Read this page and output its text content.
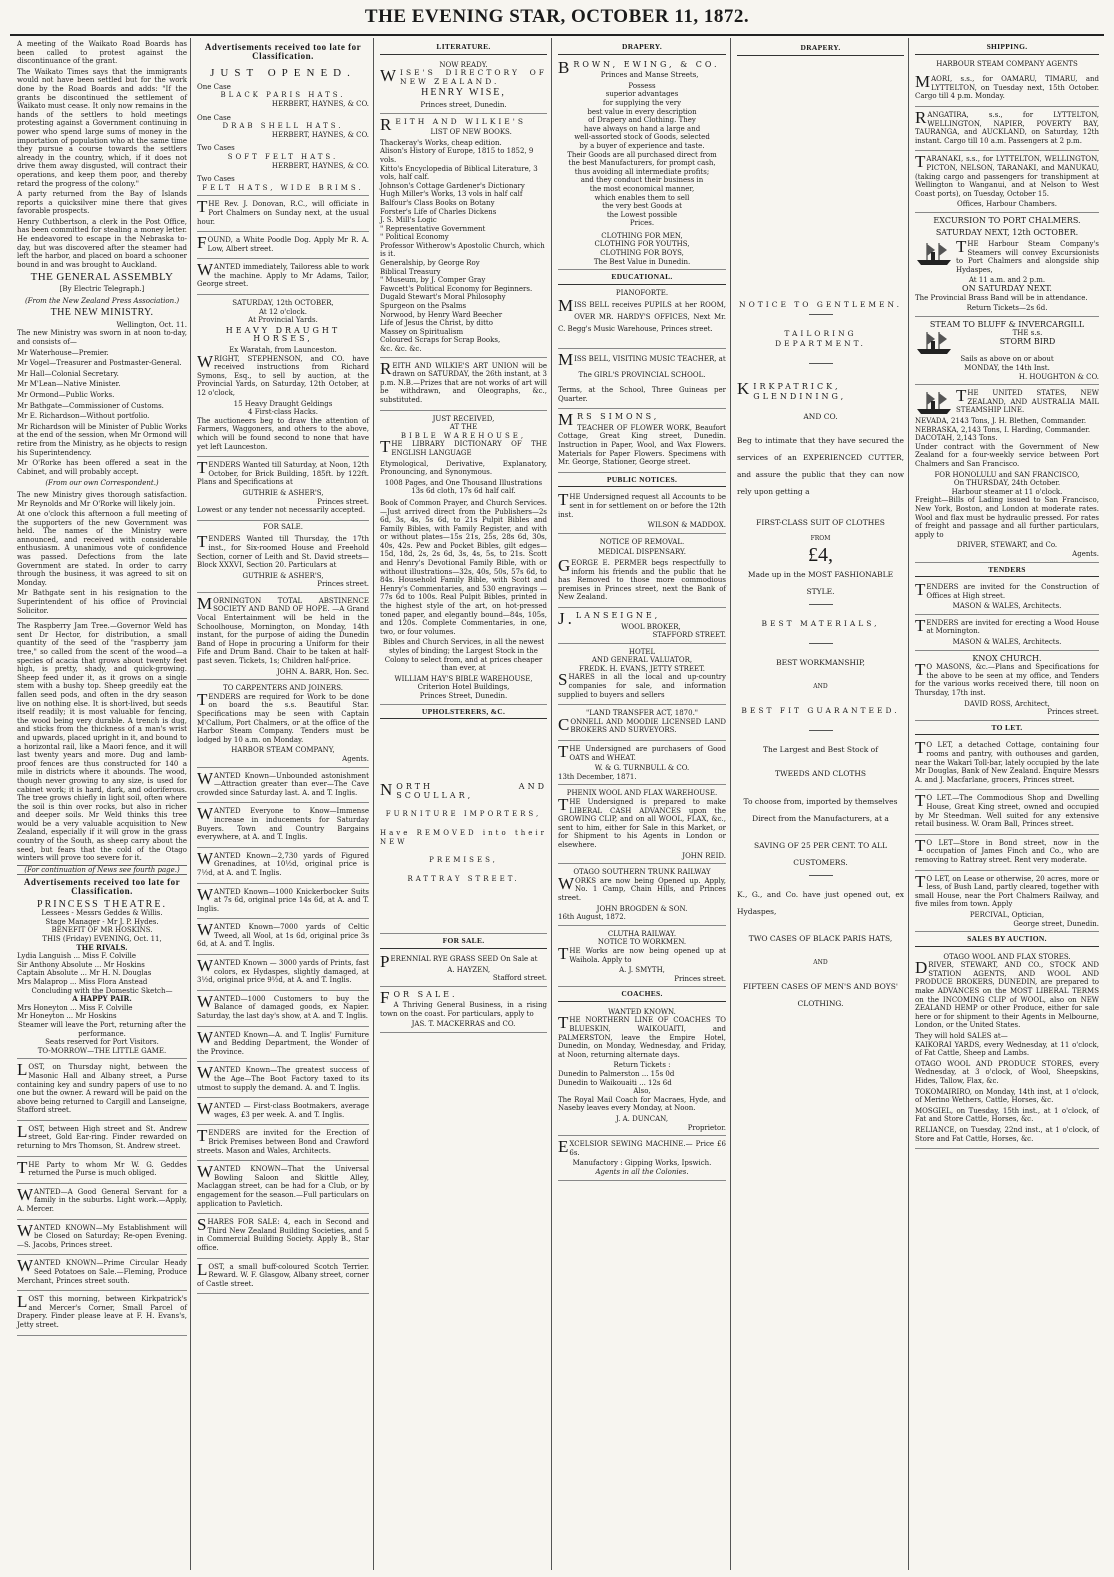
THE EVENING STAR, OCTOBER 11, 1872.

A meeting of the Waikato Road Boards has been called to protest against the discontinuance of the grant.

The Waikato Times says that the immigrants would not have been settled but for the work done by the Road Boards and adds: "If the grants be discontinued the settlement of Waikato must cease. It only now remains in the hands of the settlers to hold meetings protesting against a Government continuing in power who spend large sums of money in the importation of population who at the same time they pursue a course towards the settlers already in the country, which, if it does not drive them away disgusted, will contract their operations, and keep them poor, and thereby retard the progress of the colony."

A party returned from the Bay of Islands reports a quicksilver mine there that gives favorable prospects.

Henry Cuthbertson, a clerk in the Post Office, has been committed for stealing a money letter. He endeavored to escape in the Nebraska to-day, but was discovered after the steamer had left the harbor, and placed on board a schooner bound in and was brought to Auckland.

THE GENERAL ASSEMBLY
[By Electric Telegraph.]
(From the New Zealand Press Association.)
THE NEW MINISTRY.
Wellington, Oct. 11.

The new Ministry was sworn in at noon to-day, and consists of—

Mr Waterhouse—Premier.

Mr Vogel—Treasurer and Postmaster-General.

Mr Hall—Colonial Secretary.

Mr M'Lean—Native Minister.

Mr Ormond—Public Works.

Mr Bathgate—Commissioner of Customs.

Mr E. Richardson—Without portfolio.

Mr Richardson will be Minister of Public Works at the end of the session, when Mr Ormond will retire from the Ministry, as he objects to resign his Superintendency.

Mr O'Rorke has been offered a seat in the Cabinet, and will probably accept.

(From our own Correspondent.)

The new Ministry gives thorough satisfaction. Mr Reynolds and Mr O'Rorke will likely join.

At one o'clock this afternoon a full meeting of the supporters of the new Government was held. The names of the Ministry were announced, and received with considerable enthusiasm. A unanimous vote of confidence was passed. Defections from the late Government are stated. In order to carry through the business, it was agreed to sit on Monday.

Mr Bathgate sent in his resignation to the Superintendent of his office of Provincial Solicitor.

The Raspberry Jam Tree.—Governor Weld has sent Dr Hector, for distribution, a small quantity of the seed of the "raspberry jam tree," so called from the scent of the wood—a species of acacia that grows about twenty feet high, is pretty, shady, and quick-growing. Sheep feed under it, as it grows on a single stem with a bushy top. Sheep greedily eat the fallen seed pods, and often in the dry season live on nothing else. It is short-lived, but seeds itself readily; it is most valuable for fencing, the wood being very durable. A trench is dug, and sticks from the thickness of a man's wrist and upwards, placed upright in it, and bound to a horizontal rail, like a Maori fence, and it will last twenty years and more. Dug and lamb-proof fences are thus constructed for 140 a mile in districts where it abounds. The wood, though never growing to any size, is used for cabinet work; it is hard, dark, and odoriferous. The tree grows chiefly in light soil, often where the soil is thin over rocks, but also in richer and deeper soils. Mr Weld thinks this tree would be a very valuable acquisition to New Zealand, especially if it will grow in the grass country of the South, as sheep carry about the seed, but fears that the cold of the Otago winters will prove too severe for it.

(For continuation of News see fourth page.)
Advertisements received too late for Classification.
PRINCESS THEATRE.
Lessees - Messrs Geddes & Willis.
Stage Manager - Mr J. P. Hydes.
BENEFIT OF MR HOSKINS.
THIS (Friday) EVENING, Oct. 11,
THE RIVALS.
Lydia Languish ... Miss F. Colville
Sir Anthony Absolute ... Mr Hoskins
Captain Absolute ... Mr H. N. Douglas
Mrs Malaprop ... Miss Flora Anstead
Concluding with the Domestic Sketch—
A HAPPY PAIR.
Mrs Honeyton ... Miss F. Colville
Mr Honeyton ... Mr Hoskins
Steamer will leave the Port, returning after the performance.
Seats reserved for Port Visitors.
TO-MORROW—THE LITTLE GAME.

LOST, on Thursday night, between the Masonic Hall and Albany street, a Purse containing key and sundry papers of use to no one but the owner. A reward will be paid on the above being returned to Cargill and Lanseigne, Stafford street.

LOST, between High street and St. Andrew street, Gold Ear-ring. Finder rewarded on returning to Mrs Thomson, St. Andrew street.

THE Party to whom Mr W. G. Geddes returned the Purse is much obliged.

WANTED—A Good General Servant for a family in the suburbs. Light work.—Apply, A. Mercer.

WANTED KNOWN—My Establishment will be Closed on Saturday; Re-open Evening.—S. Jacobs, Princes street.

WANTED KNOWN—Prime Circular Heady Seed Potatoes on Sale.—Fleming, Produce Merchant, Princes street south.

LOST this morning, between Kirkpatrick's and Mercer's Corner, Small Parcel of Drapery. Finder please leave at F. H. Evans's, Jetty street.

Advertisements received too late for Classification.
JUST OPENED.
One Case
BLACK PARIS HATS.
HERBERT, HAYNES, & CO.
One Case
DRAB SHELL HATS.
HERBERT, HAYNES, & CO.
Two Cases
SOFT FELT HATS.
HERBERT, HAYNES, & CO.
Two Cases
FELT HATS, WIDE BRIMS.

THE Rev. J. Donovan, R.C., will officiate in Port Chalmers on Sunday next, at the usual hour.

FOUND, a White Poodle Dog. Apply Mr R. A. Low, Albert street.

WANTED immediately, Tailoress able to work the machine. Apply to Mr Adams, Tailor, George street.

SATURDAY, 12th OCTOBER,
At 12 o'clock.
At Provincial Yards.
HEAVY DRAUGHT HORSES,
Ex Waratah, from Launceston.

WRIGHT, STEPHENSON, and CO. have received instructions from Richard Symons, Esq., to sell by auction, at the Provincial Yards, on Saturday, 12th October, at 12 o'clock,

15 Heavy Draught Geldings
4 First-class Hacks.

The auctioneers beg to draw the attention of Farmers, Waggoners, and others to the above, which will be found second to none that have yet left Launceston.

TENDERS Wanted till Saturday, at Noon, 12th October, for Brick Building, 185ft. by 122ft. Plans and Specifications at

GUTHRIE & ASHER'S,
Princes street.

Lowest or any tender not necessarily accepted.

FOR SALE.

TENDERS Wanted till Thursday, the 17th inst., for Six-roomed House and Freehold Section, corner of Leith and St. David streets—Block XXXVI, Section 20. Particulars at

GUTHRIE & ASHER'S,
Princes street.

MORNINGTON TOTAL ABSTINENCE SOCIETY AND BAND OF HOPE. —A Grand Vocal Entertainment will be held in the Schoolhouse, Mornington, on Monday, 14th instant, for the purpose of aiding the Dunedin Band of Hope in procuring a Uniform for their Fife and Drum Band. Chair to be taken at half-past seven. Tickets, 1s; Children half-price.

JOHN A. BARR, Hon. Sec.
TO CARPENTERS AND JOINERS.

TENDERS are required for Work to be done on board the s.s. Beautiful Star. Specifications may be seen with Captain M'Callum, Port Chalmers, or at the office of the Harbor Steam Company. Tenders must be lodged by 10 a.m. on Monday.

HARBOR STEAM COMPANY,
Agents.

WANTED Known—Unbounded astonishment—Attraction greater than ever—The Cave crowded since Saturday last. A. and T. Inglis.

WANTED Everyone to Know—Immense increase in inducements for Saturday Buyers. Town and Country Bargains everywhere, at A. and T. Inglis.

WANTED Known—2,730 yards of Figured Grenadines, at 10½d, original price is 7½d, at A. and T. Inglis.

WANTED Known—1000 Knickerbocker Suits at 7s 6d, original price 14s 6d, at A. and T. Inglis.

WANTED Known—7000 yards of Celtic Tweed, all Wool, at 1s 6d, original price 3s 6d, at A. and T. Inglis.

WANTED Known — 3000 yards of Prints, fast colors, ex Hydaspes, slightly damaged, at 3½d, original price 9½d, at A. and T. Inglis.

WANTED—1000 Customers to buy the Balance of damaged goods, ex Napier. Saturday, the last day's show, at A. and T. Inglis.

WANTED Known—A. and T. Inglis' Furniture and Bedding Department, the Wonder of the Province.

WANTED Known—The greatest success of the Age—The Boot Factory taxed to its utmost to supply the demand. A. and T. Inglis.

WANTED — First-class Bootmakers, average wages, £3 per week. A. and T. Inglis.

TENDERS are invited for the Erection of Brick Premises between Bond and Crawford streets. Mason and Wales, Architects.

WANTED KNOWN—That the Universal Bowling Saloon and Skittle Alley, Maclaggan street, can be had for a Club, or by engagement for the season.—Full particulars on application to Pavletich.

SHARES FOR SALE: 4, each in Second and Third New Zealand Building Societies, and 5 in Commercial Building Society. Apply B., Star office.

LOST, a small buff-coloured Scotch Terrier. Reward. W. F. Glasgow, Albany street, corner of Castle street.

LITERATURE.
NOW READY.

WISE'S DIRECTORY OF NEW ZEALAND.

HENRY WISE,
Princes street, Dunedin.

REITH AND WILKIE'S

LIST OF NEW BOOKS.
Thackeray's Works, cheap edition.
Alison's History of Europe, 1815 to 1852, 9 vols.
Kitto's Encyclopedia of Biblical Literature, 3 vols, half calf.
Johnson's Cottage Gardener's Dictionary
Hugh Miller's Works, 13 vols in half calf
Balfour's Class Books on Botany
Forster's Life of Charles Dickens
J. S. Mill's Logic
" Representative Government
" Political Economy
Professor Witherow's Apostolic Church, which is it.
Generalship, by George Roy
Biblical Treasury
" Museum, by J. Comper Gray
Fawcett's Political Economy for Beginners.
Dugald Stewart's Moral Philosophy
Spurgeon on the Psalms
Norwood, by Henry Ward Beecher
Life of Jesus the Christ, by ditto
Massey on Spiritualism
Coloured Scraps for Scrap Books,
&c. &c. &c.

REITH AND WILKIE'S ART UNION will be drawn on SATURDAY, the 26th instant, at 3 p.m. N.B.—Prizes that are not works of art will be withdrawn, and Oleographs, &c., substituted.

JUST RECEIVED,
AT THE
BIBLE WAREHOUSE,

THE LIBRARY DICTIONARY OF THE ENGLISH LANGUAGE

Etymological, Derivative, Explanatory, Pronouncing, and Synonymous.

1008 Pages, and One Thousand Illustrations 13s 6d cloth, 17s 6d half calf.

Book of Common Prayer, and Church Services.—Just arrived direct from the Publishers—2s 6d, 3s, 4s, 5s 6d, to 21s Pulpit Bibles and Family Bibles, with Family Register, and with or without plates—15s 21s, 25s, 28s 6d, 30s, 40s, 42s. Pew and Pocket Bibles, gilt edges—15d, 18d, 2s, 2s 6d, 3s, 4s, 5s, to 21s. Scott and Henry's Devotional Family Bible, with or without illustrations—32s, 40s, 50s, 57s 6d, to 84s. Household Family Bible, with Scott and Henry's Commentaries, and 530 engravings —77s 6d to 100s. Real Pulpit Bibles, printed in the highest style of the art, on hot-pressed toned paper, and elegantly bound—84s, 105s, and 120s. Complete Commentaries, in one, two, or four volumes.

Bibles and Church Services, in all the newest styles of binding; the Largest Stock in the Colony to select from, and at prices cheaper than ever, at

WILLIAM HAY'S BIBLE WAREHOUSE,
Criterion Hotel Buildings,
Princes Street, Dunedin.
UPHOLSTERERS, &C.

NORTH AND SCOULLAR,

FURNITURE IMPORTERS,

Have REMOVED into their NEW

PREMISES,

RATTRAY STREET.

FOR SALE.

PERENNIAL RYE GRASS SEED On Sale at

A. HAYZEN,
Stafford street.

FOR SALE.

A Thriving General Business, in a rising town on the coast. For particulars, apply to

JAS. T. MACKERRAS and CO.
DRAPERY.

BROWN, EWING, & CO.

Princes and Manse Streets,
Possess
superior advantages
for supplying the very
best value in every description
of Drapery and Clothing. They
have always on hand a large and
well-assorted stock of Goods, selected
by a buyer of experience and taste.
Their Goods are all purchased direct from
the best Manufacturers, for prompt cash,
thus avoiding all intermediate profits;
and they conduct their business in
the most economical manner,
which enables them to sell
the very best Goods at
the Lowest possible
Prices.
CLOTHING FOR MEN,
CLOTHING FOR YOUTHS,
CLOTHING FOR BOYS,
The Best Value in Dunedin.
EDUCATIONAL.
PIANOFORTE.

MISS BELL receives PUPILS at her ROOM, OVER MR. HARDY'S OFFICES, Next Mr. C. Begg's Music Warehouse, Princes street.

MISS BELL, VISITING MUSIC TEACHER, at

The GIRL'S PROVINCIAL SCHOOL.

Terms, at the School, Three Guineas per Quarter.

MRS SIMONS,

TEACHER OF FLOWER WORK, Beaufort Cottage, Great King street, Dunedin. Instruction in Paper, Wool, and Wax Flowers. Materials for Paper Flowers. Specimens with Mr. George, Stationer, George street.

PUBLIC NOTICES.

THE Undersigned request all Accounts to be sent in for settlement on or before the 12th inst.

WILSON & MADDOX.
NOTICE OF REMOVAL.
MEDICAL DISPENSARY.

GEORGE E. PERMER begs respectfully to inform his friends and the public that he has Removed to those more commodious premises in Princes street, next the Bank of New Zealand.

J.LANSEIGNE,

WOOL BROKER,
STAFFORD STREET.
HOTEL
AND GENERAL VALUATOR,
FREDK. H. EVANS, JETTY STREET.

SHARES in all the local and up-country companies for sale, and information supplied to buyers and sellers

"LAND TRANSFER ACT, 1870."

CONNELL AND MOODIE LICENSED LAND BROKERS AND SURVEYORS.

THE Undersigned are purchasers of Good OATS and WHEAT.

W. & G. TURNBULL & CO.
13th December, 1871.
PHENIX WOOL AND FLAX WAREHOUSE.

THE Undersigned is prepared to make LIBERAL CASH ADVANCES upon the GROWING CLIP, and on all WOOL, FLAX, &c., sent to him, either for Sale in this Market, or for Shipment to his Agents in London or elsewhere.

JOHN REID.
OTAGO SOUTHERN TRUNK RAILWAY

WORKS are now being Opened up. Apply, No. 1 Camp, Chain Hills, and Princes street.

JOHN BROGDEN & SON.
16th August, 1872.
CLUTHA RAILWAY.
NOTICE TO WORKMEN.

THE Works are now being opened up at Waihola. Apply to

A. J. SMYTH,
Princes street.
COACHES.
WANTED KNOWN.

THE NORTHERN LINE OF COACHES TO BLUESKIN, WAIKOUAITI, and PALMERSTON, leave the Empire Hotel, Dunedin, on Monday, Wednesday, and Friday, at Noon, returning alternate days.

Return Tickets :
Dunedin to Palmerston ... 15s 0d
Dunedin to Waikouaiti ... 12s 6d
Also,

The Royal Mail Coach for Macraes, Hyde, and Naseby leaves every Monday, at Noon.

J. A. DUNCAN,
Proprietor.

EXCELSIOR SEWING MACHINE.— Price £6 6s.

Manufactory : Gipping Works, Ipswich.
Agents in all the Colonies.
DRAPERY.
NOTICE TO GENTLEMEN.
TAILORING DEPARTMENT.

KIRKPATRICK, GLENDINING,

AND CO.

Beg to intimate that they have secured the services of an EXPERIENCED CUTTER, and assure the public that they can now rely upon getting a

FIRST-CLASS SUIT OF CLOTHES
FROM
£4,

Made up in the MOST FASHIONABLE STYLE.

BEST MATERIALS,
BEST WORKMANSHIP,
AND
BEST FIT GUARANTEED.
The Largest and Best Stock of
TWEEDS AND CLOTHS

To choose from, imported by themselves Direct from the Manufacturers, at a

SAVING OF 25 PER CENT. TO ALL CUSTOMERS.

K., G., and Co. have just opened out, ex Hydaspes,

TWO CASES OF BLACK PARIS HATS,
AND

FIFTEEN CASES OF MEN'S AND BOYS' CLOTHING.

SHIPPING.
HARBOUR STEAM COMPANY AGENTS

MAORI, s.s., for OAMARU, TIMARU, and LYTTELTON, on Tuesday next, 15th October. Cargo till 4 p.m. Monday.

RANGATIRA, s.s., for LYTTELTON, WELLINGTON, NAPIER, POVERTY BAY, TAURANGA, and AUCKLAND, on Saturday, 12th instant. Cargo till 10 a.m. Passengers at 2 p.m.

TARANAKI, s.s., for LYTTELTON, WELLINGTON, PICTON, NELSON, TARANAKI, and MANUKAU, (taking cargo and passengers for transhipment at Wellington to Wanganui, and at Nelson to West Coast ports), on Tuesday, October 15.

Offices, Harbour Chambers.
EXCURSION TO PORT CHALMERS.
SATURDAY NEXT, 12th OCTOBER.

THE Harbour Steam Company's Steamers will convey Excursionists to Port Chalmers and alongside ship Hydaspes,

At 11 a.m. and 2 p.m.
ON SATURDAY NEXT.

The Provincial Brass Band will be in attendance.

Return Tickets—2s 6d.
STEAM TO BLUFF & INVERCARGILL
THE s.s.
STORM BIRD
Sails as above on or about
MONDAY, the 14th Inst.
H. HOUGHTON & CO.

THE UNITED STATES, NEW ZEALAND, AND AUSTRALIA MAIL STEAMSHIP LINE.

NEVADA, 2143 Tons, J. H. Blethen, Commander.
NEBRASKA, 2,143 Tons, I. Harding, Commander.
DACOTAH, 2,143 Tons.

Under contract with the Government of New Zealand for a four-weekly service between Port Chalmers and San Francisco.

FOR HONOLULU and SAN FRANCISCO,
On THURSDAY, 24th October.
Harbour steamer at 11 o'clock.

Freight—Bills of Lading issued to San Francisco, New York, Boston, and London at moderate rates. Wool and flax must be hydraulic pressed. For rates of freight and passage and all further particulars, apply to

DRIVER, STEWART, and Co.
Agents.
TENDERS

TENDERS are invited for the Construction of Offices at High street.

MASON & WALES, Architects.

TENDERS are invited for erecting a Wood House at Mornington.

MASON & WALES, Architects.
KNOX CHURCH.

TO MASONS, &c.—Plans and Specifications for the above to be seen at my office, and Tenders for the various works received there, till noon on Thursday, 17th inst.

DAVID ROSS, Architect,
Princes street.
TO LET.

TO LET, a detached Cottage, containing four rooms and pantry, with outhouses and garden, near the Wakari Toll-bar, lately occupied by the late Mr Douglas, Bank of New Zealand. Enquire Messrs A. and J. Macfarlane, grocers, Princes street.

TO LET.—The Commodious Shop and Dwelling House, Great King street, owned and occupied by Mr Steedman. Well suited for any extensive retail business. W. Oram Ball, Princes street.

TO LET—Store in Bond street, now in the occupation of James Finch and Co., who are removing to Rattray street. Rent very moderate.

TO LET, on Lease or otherwise, 20 acres, more or less, of Bush Land, partly cleared, together with small House, near the Port Chalmers Railway, and five miles from town. Apply

PERCIVAL, Optician,
George street, Dunedin.
SALES BY AUCTION.
OTAGO WOOL AND FLAX STORES.

DRIVER, STEWART, AND CO., STOCK AND STATION AGENTS, AND WOOL AND PRODUCE BROKERS, DUNEDIN, are prepared to make ADVANCES on the MOST LIBERAL TERMS on the INCOMING CLIP of WOOL, also on NEW ZEALAND HEMP or other Produce, either for sale here or for shipment to their Agents in Melbourne, London, or the United States.

They will hold SALES at—

KAIKORAI YARDS, every Wednesday, at 11 o'clock, of Fat Cattle, Sheep and Lambs.

OTAGO WOOL AND PRODUCE STORES, every Wednesday, at 3 o'clock, of Wool, Sheepskins, Hides, Tallow, Flax, &c.

TOKOMAIRIRO, on Monday, 14th inst, at 1 o'clock, of Merino Wethers, Cattle, Horses, &c.

MOSGIEL, on Tuesday, 15th inst., at 1 o'clock, of Fat and Store Cattle, Horses, &c.

RELIANCE, on Tuesday, 22nd inst., at 1 o'clock, of Store and Fat Cattle, Horses, &c.
